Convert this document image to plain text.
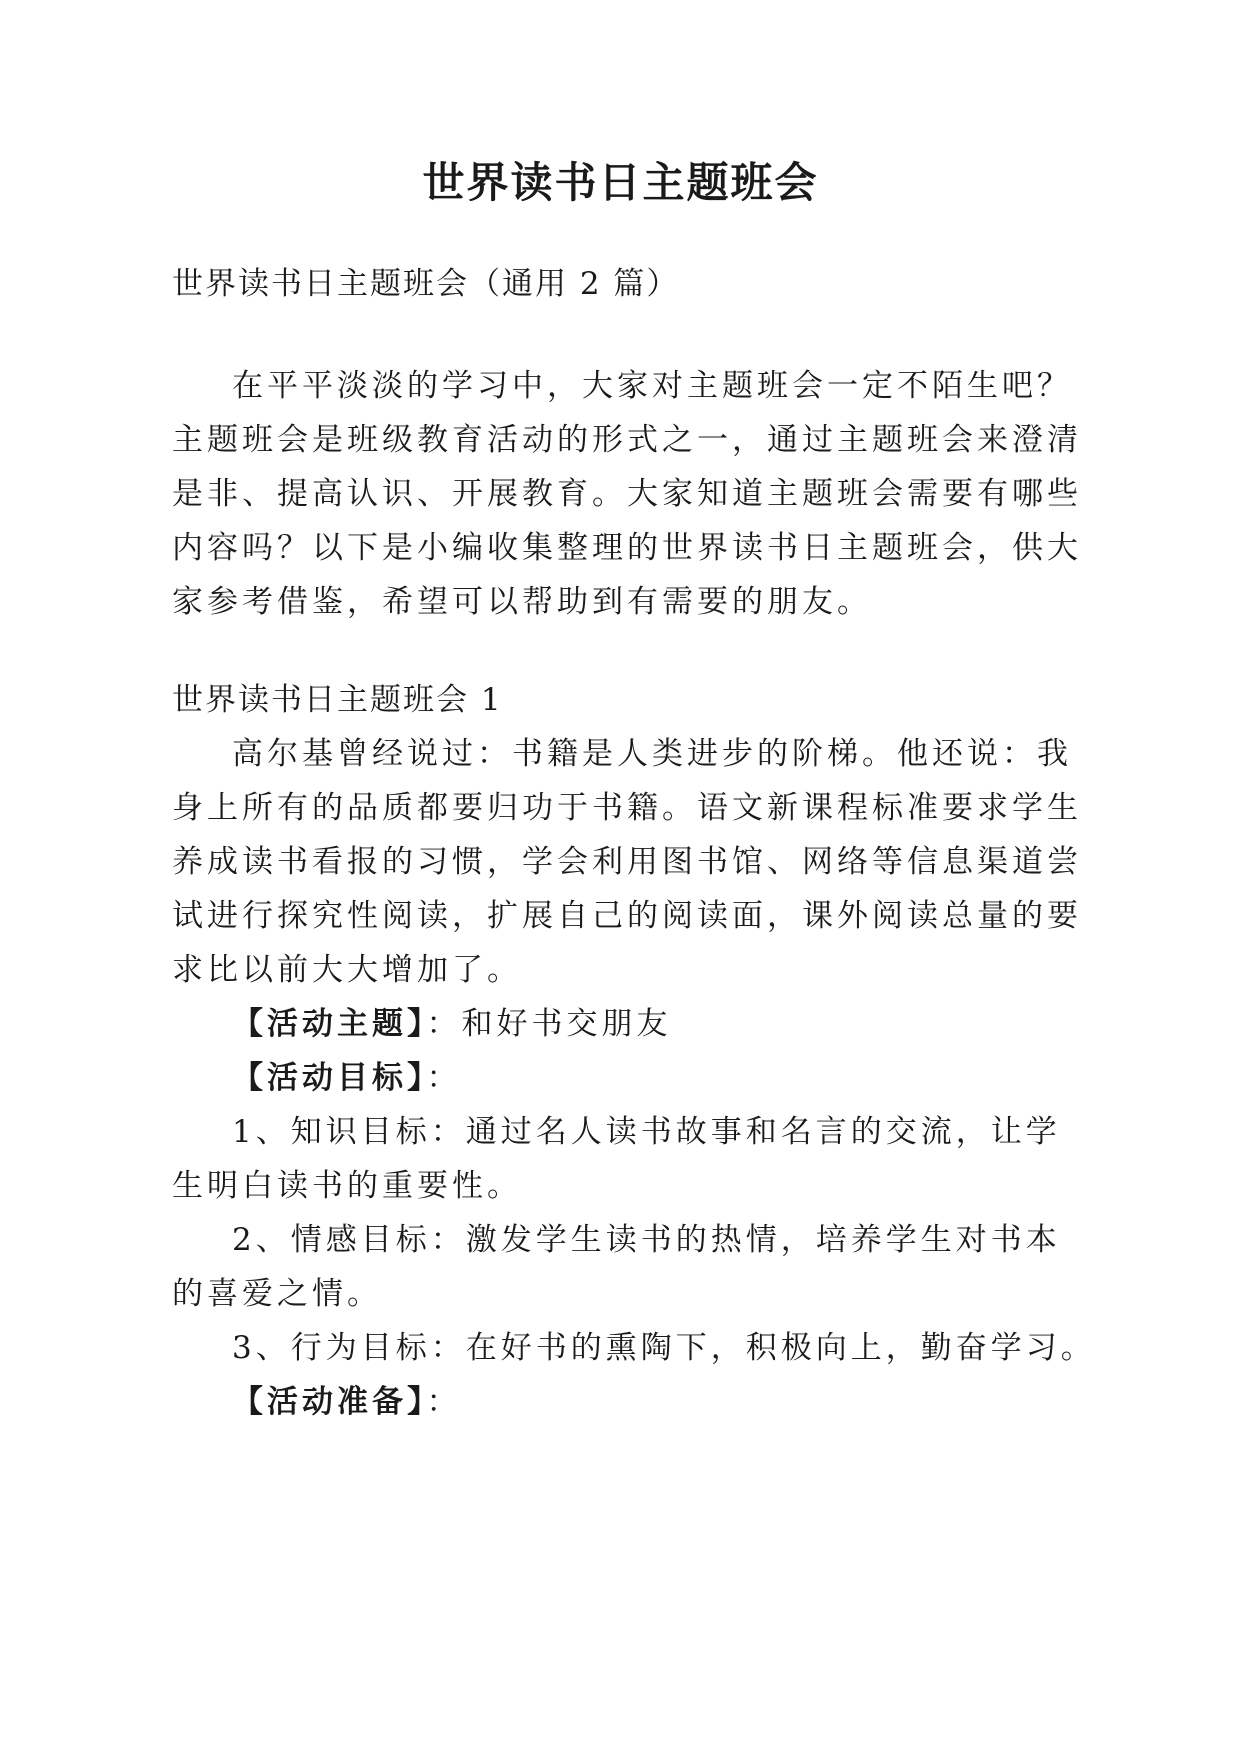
世界读书日主题班会
世界读书日主题班会（通用 2 篇）
在平平淡淡的学习中，大家对主题班会一定不陌生吧？
主题班会是班级教育活动的形式之一，通过主题班会来澄清
是非、提高认识、开展教育。大家知道主题班会需要有哪些
内容吗？以下是小编收集整理的世界读书日主题班会，供大
家参考借鉴，希望可以帮助到有需要的朋友。
世界读书日主题班会 1
高尔基曾经说过：书籍是人类进步的阶梯。他还说：我
身上所有的品质都要归功于书籍。语文新课程标准要求学生
养成读书看报的习惯，学会利用图书馆、网络等信息渠道尝
试进行探究性阅读，扩展自己的阅读面，课外阅读总量的要
求比以前大大增加了。
【活动主题】：和好书交朋友
【活动目标】：
1、知识目标：通过名人读书故事和名言的交流，让学
生明白读书的重要性。
2、情感目标：激发学生读书的热情，培养学生对书本
的喜爱之情。
3、行为目标：在好书的熏陶下，积极向上，勤奋学习。
【活动准备】：
